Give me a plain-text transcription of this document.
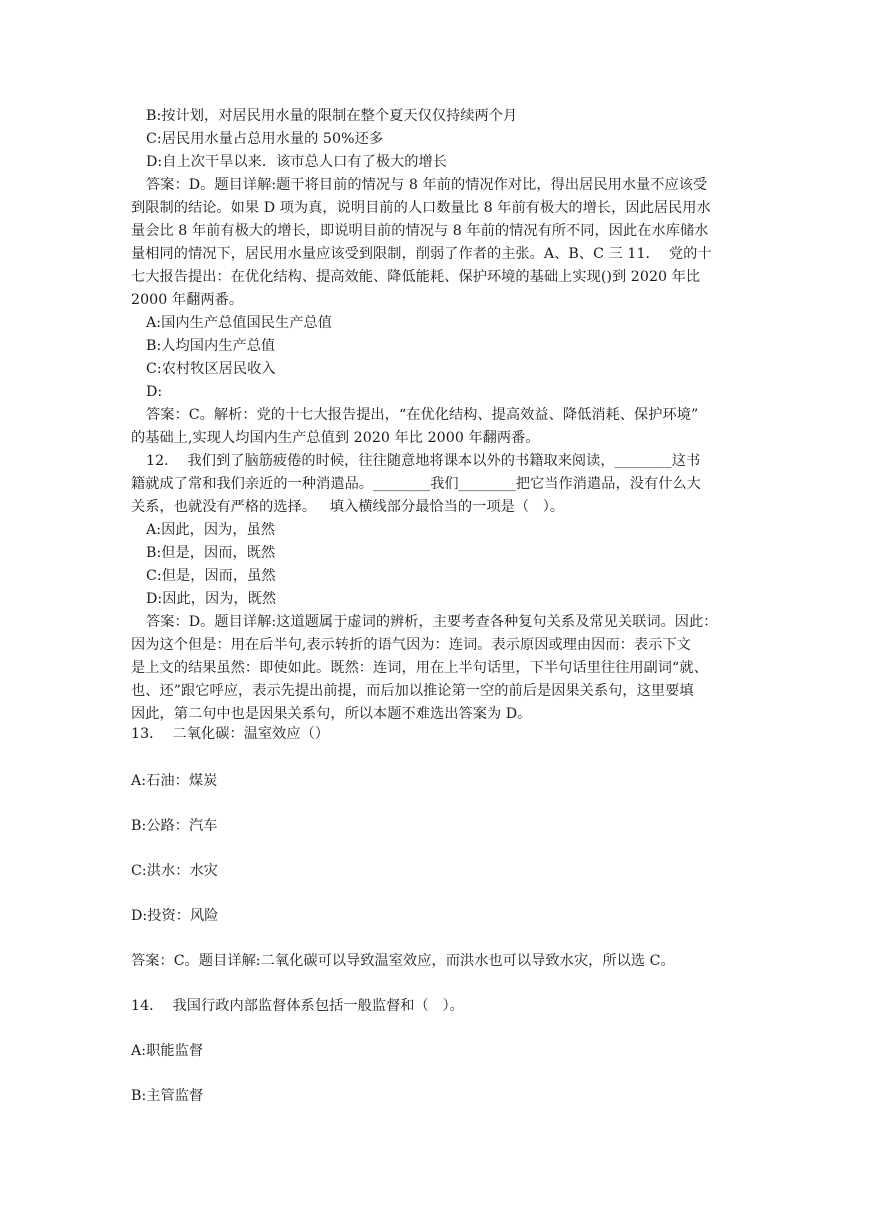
B:按计划，对居民用水量的限制在整个夏天仅仅持续两个月
C:居民用水量占总用水量的 50%还多
D:自上次干旱以来．该市总人口有了极大的增长
答案：D。题目详解:题干将目前的情况与 8 年前的情况作对比，得出居民用水量不应该受
到限制的结论。如果 D 项为真，说明目前的人口数量比 8 年前有极大的增长，因此居民用水
量会比 8 年前有极大的增长，即说明目前的情况与 8 年前的情况有所不同，因此在水库储水
量相同的情况下，居民用水量应该受到限制，削弱了作者的主张。A、B、C 三 11．  党的十
七大报告提出：在优化结构、提高效能、降低能耗、保护环境的基础上实现()到 2020 年比
2000 年翻两番。
A:国内生产总值国民生产总值
B:人均国内生产总值
C:农村牧区居民收入
D:
答案：C。解析：党的十七大报告提出，“在优化结构、提高效益、降低消耗、保护环境”
的基础上,实现人均国内生产总值到 2020 年比 2000 年翻两番。
12．  我们到了脑筋疲倦的时候，往往随意地将课本以外的书籍取来阅读，________这书
籍就成了常和我们亲近的一种消遣品。________我们________把它当作消遣品，没有什么大
关系，也就没有严格的选择。   填入横线部分最恰当的一项是（   ）。
A:因此，因为，虽然
B:但是，因而，既然
C:但是，因而，虽然
D:因此，因为，既然
答案：D。题目详解:这道题属于虚词的辨析，主要考查各种复句关系及常见关联词。因此：
因为这个但是：用在后半句,表示转折的语气因为：连词。表示原因或理由因而：表示下文
是上文的结果虽然：即使如此。既然：连词，用在上半句话里，下半句话里往往用副词“就、
也、还”跟它呼应，表示先提出前提，而后加以推论第一空的前后是因果关系句，这里要填
因此，第二句中也是因果关系句，所以本题不难选出答案为 D。
13．  二氧化碳：温室效应（）
A:石油：煤炭
B:公路：汽车
C:洪水：水灾
D:投资：风险
答案：C。题目详解:二氧化碳可以导致温室效应，而洪水也可以导致水灾，所以选 C。
14．  我国行政内部监督体系包括一般监督和（   ）。
A:职能监督
B:主管监督
